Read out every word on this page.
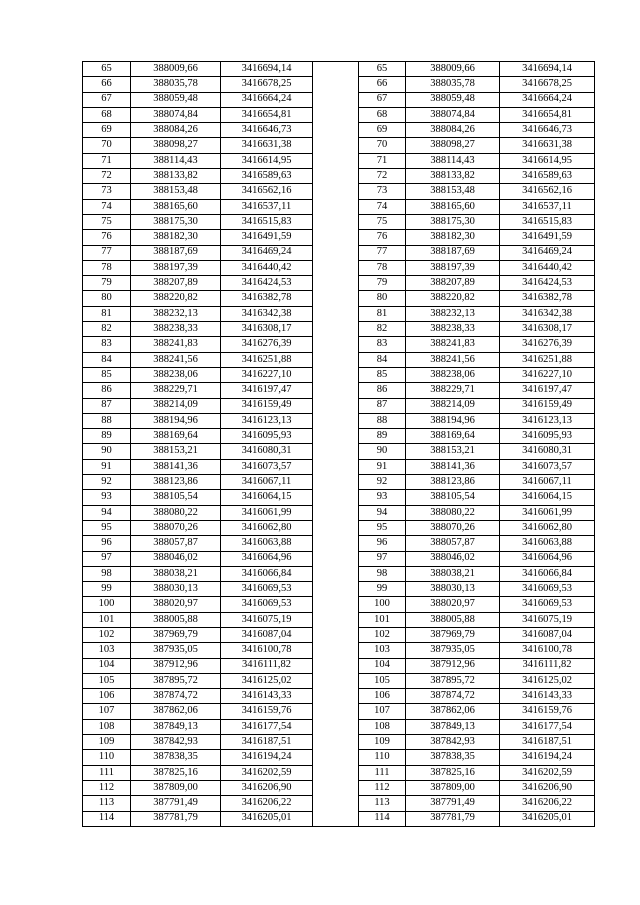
65	388009,66	3416694,14		65	388009,66	3416694,14
66	388035,78	3416678,25		66	388035,78	3416678,25
67	388059,48	3416664,24		67	388059,48	3416664,24
68	388074,84	3416654,81		68	388074,84	3416654,81
69	388084,26	3416646,73		69	388084,26	3416646,73
70	388098,27	3416631,38		70	388098,27	3416631,38
71	388114,43	3416614,95		71	388114,43	3416614,95
72	388133,82	3416589,63		72	388133,82	3416589,63
73	388153,48	3416562,16		73	388153,48	3416562,16
74	388165,60	3416537,11		74	388165,60	3416537,11
75	388175,30	3416515,83		75	388175,30	3416515,83
76	388182,30	3416491,59		76	388182,30	3416491,59
77	388187,69	3416469,24		77	388187,69	3416469,24
78	388197,39	3416440,42		78	388197,39	3416440,42
79	388207,89	3416424,53		79	388207,89	3416424,53
80	388220,82	3416382,78		80	388220,82	3416382,78
81	388232,13	3416342,38		81	388232,13	3416342,38
82	388238,33	3416308,17		82	388238,33	3416308,17
83	388241,83	3416276,39		83	388241,83	3416276,39
84	388241,56	3416251,88		84	388241,56	3416251,88
85	388238,06	3416227,10		85	388238,06	3416227,10
86	388229,71	3416197,47		86	388229,71	3416197,47
87	388214,09	3416159,49		87	388214,09	3416159,49
88	388194,96	3416123,13		88	388194,96	3416123,13
89	388169,64	3416095,93		89	388169,64	3416095,93
90	388153,21	3416080,31		90	388153,21	3416080,31
91	388141,36	3416073,57		91	388141,36	3416073,57
92	388123,86	3416067,11		92	388123,86	3416067,11
93	388105,54	3416064,15		93	388105,54	3416064,15
94	388080,22	3416061,99		94	388080,22	3416061,99
95	388070,26	3416062,80		95	388070,26	3416062,80
96	388057,87	3416063,88		96	388057,87	3416063,88
97	388046,02	3416064,96		97	388046,02	3416064,96
98	388038,21	3416066,84		98	388038,21	3416066,84
99	388030,13	3416069,53		99	388030,13	3416069,53
100	388020,97	3416069,53		100	388020,97	3416069,53
101	388005,88	3416075,19		101	388005,88	3416075,19
102	387969,79	3416087,04		102	387969,79	3416087,04
103	387935,05	3416100,78		103	387935,05	3416100,78
104	387912,96	3416111,82		104	387912,96	3416111,82
105	387895,72	3416125,02		105	387895,72	3416125,02
106	387874,72	3416143,33		106	387874,72	3416143,33
107	387862,06	3416159,76		107	387862,06	3416159,76
108	387849,13	3416177,54		108	387849,13	3416177,54
109	387842,93	3416187,51		109	387842,93	3416187,51
110	387838,35	3416194,24		110	387838,35	3416194,24
111	387825,16	3416202,59		111	387825,16	3416202,59
112	387809,00	3416206,90		112	387809,00	3416206,90
113	387791,49	3416206,22		113	387791,49	3416206,22
114	387781,79	3416205,01		114	387781,79	3416205,01
